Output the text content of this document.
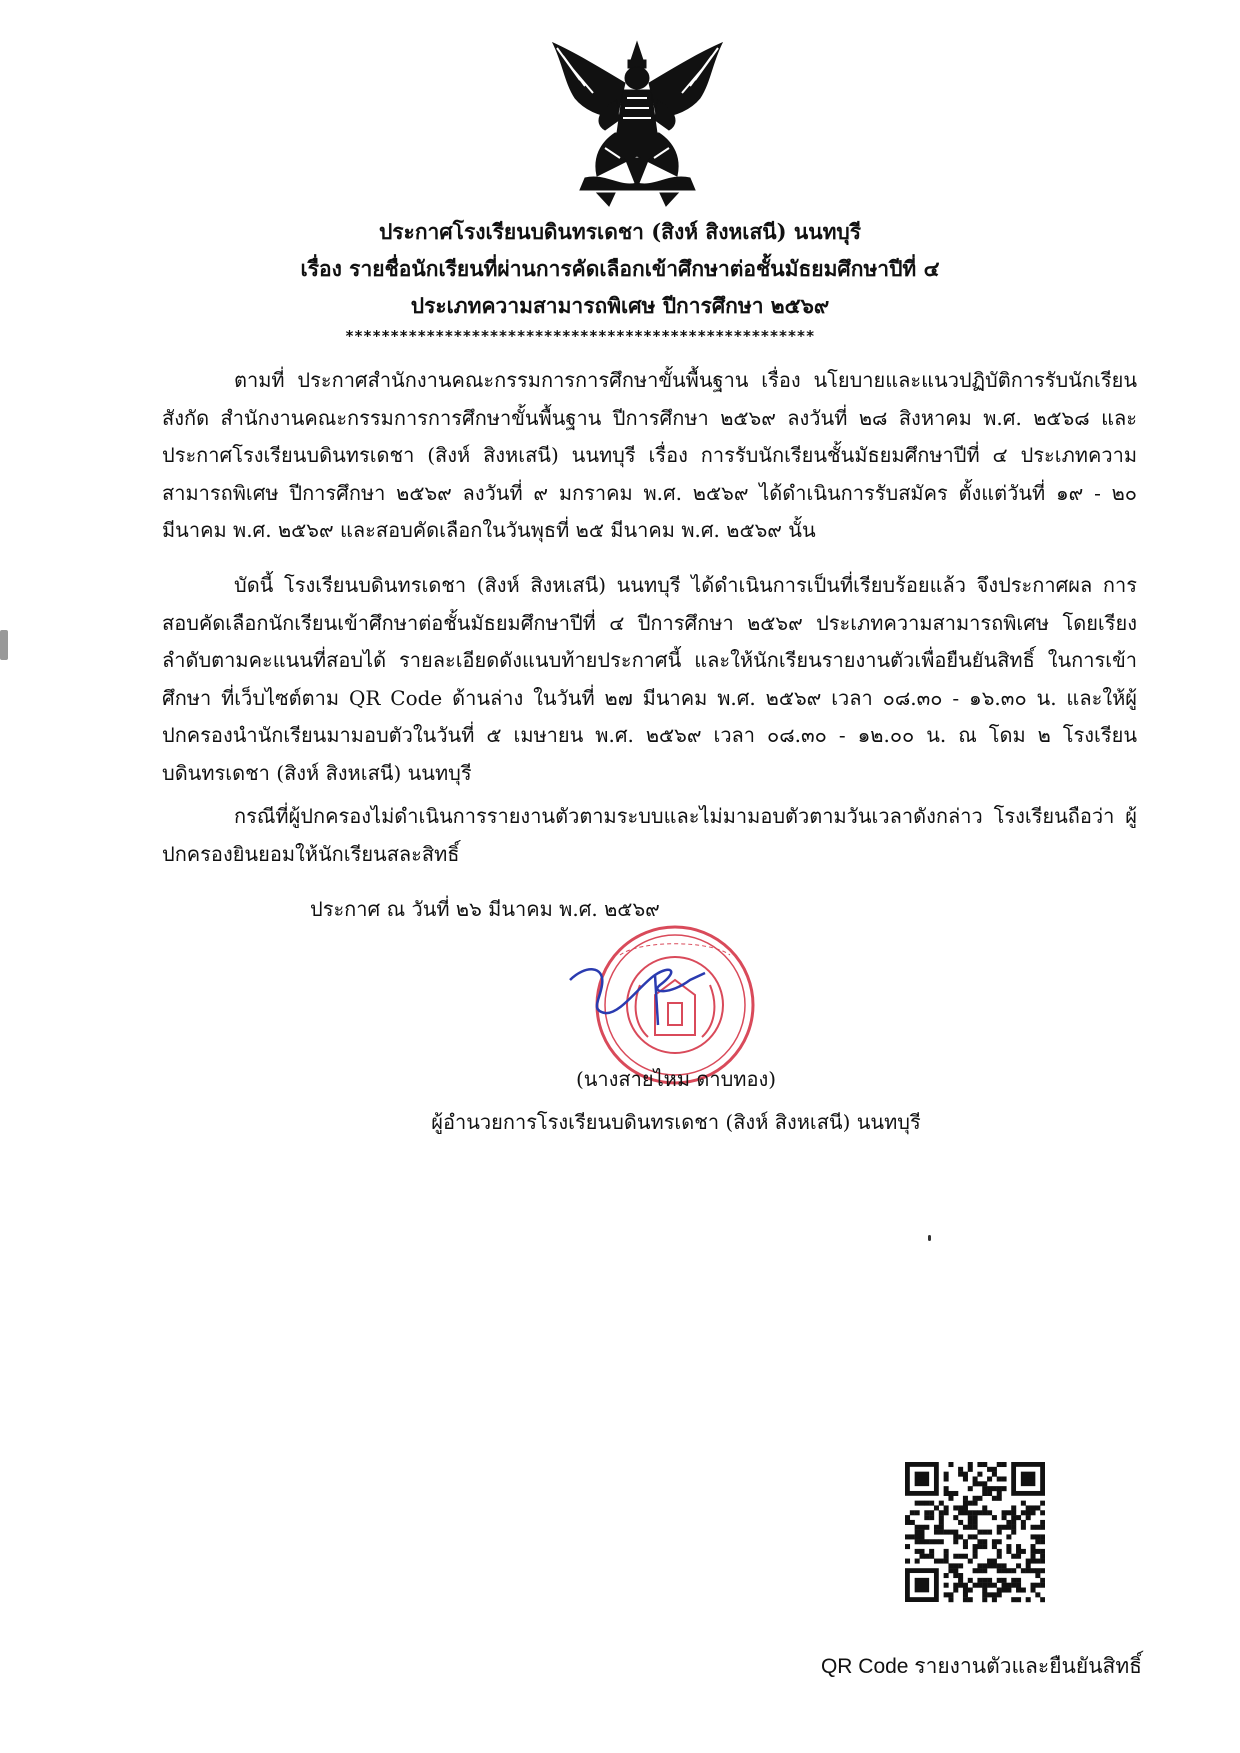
ประกาศโรงเรียนบดินทรเดชา (สิงห์ สิงหเสนี) นนทบุรี
เรื่อง รายชื่อนักเรียนที่ผ่านการคัดเลือกเข้าศึกษาต่อชั้นมัธยมศึกษาปีที่ ๔
ประเภทความสามารถพิเศษ ปีการศึกษา ๒๕๖๙
****************************************************
ตามที่ ประกาศสำนักงานคณะกรรมการการศึกษาขั้นพื้นฐาน เรื่อง นโยบายและแนวปฏิบัติการรับนักเรียน สังกัด สำนักงานคณะกรรมการการศึกษาขั้นพื้นฐาน ปีการศึกษา ๒๕๖๙ ลงวันที่ ๒๘ สิงหาคม พ.ศ. ๒๕๖๘ และประกาศโรงเรียนบดินทรเดชา (สิงห์ สิงหเสนี) นนทบุรี เรื่อง การรับนักเรียนชั้นมัธยมศึกษาปีที่ ๔ ประเภทความสามารถพิเศษ ปีการศึกษา ๒๕๖๙ ลงวันที่ ๙ มกราคม พ.ศ. ๒๕๖๙ ได้ดำเนินการรับสมัคร ตั้งแต่วันที่ ๑๙ - ๒๐ มีนาคม พ.ศ. ๒๕๖๙ และสอบคัดเลือกในวันพุธที่ ๒๕ มีนาคม พ.ศ. ๒๕๖๙ นั้น
บัดนี้ โรงเรียนบดินทรเดชา (สิงห์ สิงหเสนี) นนทบุรี ได้ดำเนินการเป็นที่เรียบร้อยแล้ว จึงประกาศผล การสอบคัดเลือกนักเรียนเข้าศึกษาต่อชั้นมัธยมศึกษาปีที่ ๔ ปีการศึกษา ๒๕๖๙ ประเภทความสามารถพิเศษ โดยเรียงลำดับตามคะแนนที่สอบได้ รายละเอียดดังแนบท้ายประกาศนี้ และให้นักเรียนรายงานตัวเพื่อยืนยันสิทธิ์ ในการเข้าศึกษา ที่เว็บไซต์ตาม QR Code ด้านล่าง ในวันที่ ๒๗ มีนาคม พ.ศ. ๒๕๖๙ เวลา ๐๘.๓๐ - ๑๖.๓๐ น. และให้ผู้ปกครองนำนักเรียนมามอบตัวในวันที่ ๕ เมษายน พ.ศ. ๒๕๖๙ เวลา ๐๘.๓๐ - ๑๒.๐๐ น. ณ โดม ๒ โรงเรียนบดินทรเดชา (สิงห์ สิงหเสนี) นนทบุรี
กรณีที่ผู้ปกครองไม่ดำเนินการรายงานตัวตามระบบและไม่มามอบตัวตามวันเวลาดังกล่าว โรงเรียนถือว่า ผู้ปกครองยินยอมให้นักเรียนสละสิทธิ์
ประกาศ ณ วันที่ ๒๖ มีนาคม พ.ศ. ๒๕๖๙
(นางสายไหม ดาบทอง)
ผู้อำนวยการโรงเรียนบดินทรเดชา (สิงห์ สิงหเสนี) นนทบุรี
QR Code รายงานตัวและยืนยันสิทธิ์
